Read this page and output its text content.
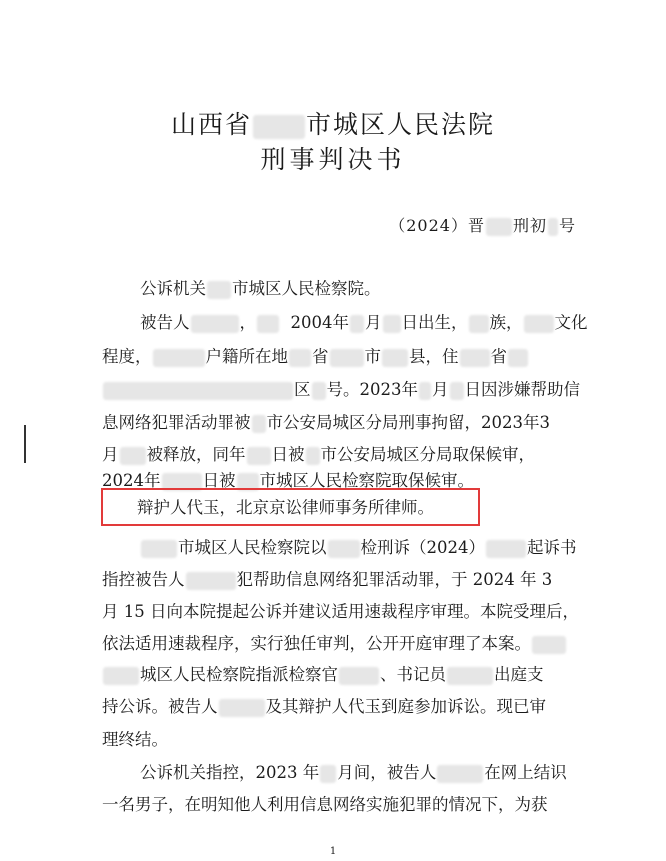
山西省 市城区人民法院
刑事判决书
（2024）晋 刑初 号
公诉机关 市城区人民检察院。
被告人	， 2004年 月 日出生， 族， 文化
程度，	户籍所在地 省 市 县，住 省
区 号。2023年 月 日因涉嫌帮助信
息网络犯罪活动罪被 市公安局城区分局刑事拘留，2023年3
月 被释放，同年 日被 市公安局城区分局取保候审，
2024年	日被 市城区人民检察院取保候审。
辩护人代玉，北京京讼律师事务所律师。
市城区人民检察院以 检刑诉（2024）	起诉书
指控被告人	犯帮助信息网络犯罪活动罪，于 2024 年 3
月 15 日向本院提起公诉并建议适用速裁程序审理。本院受理后，
依法适用速裁程序，实行独任审判，公开开庭审理了本案。
城区人民检察院指派检察官	、书记员	出庭支
持公诉。被告人	及其辩护人代玉到庭参加诉讼。现已审
理终结。
公诉机关指控，2023 年 月间，被告人	在网上结识
一名男子，在明知他人利用信息网络实施犯罪的情况下，为获
1
